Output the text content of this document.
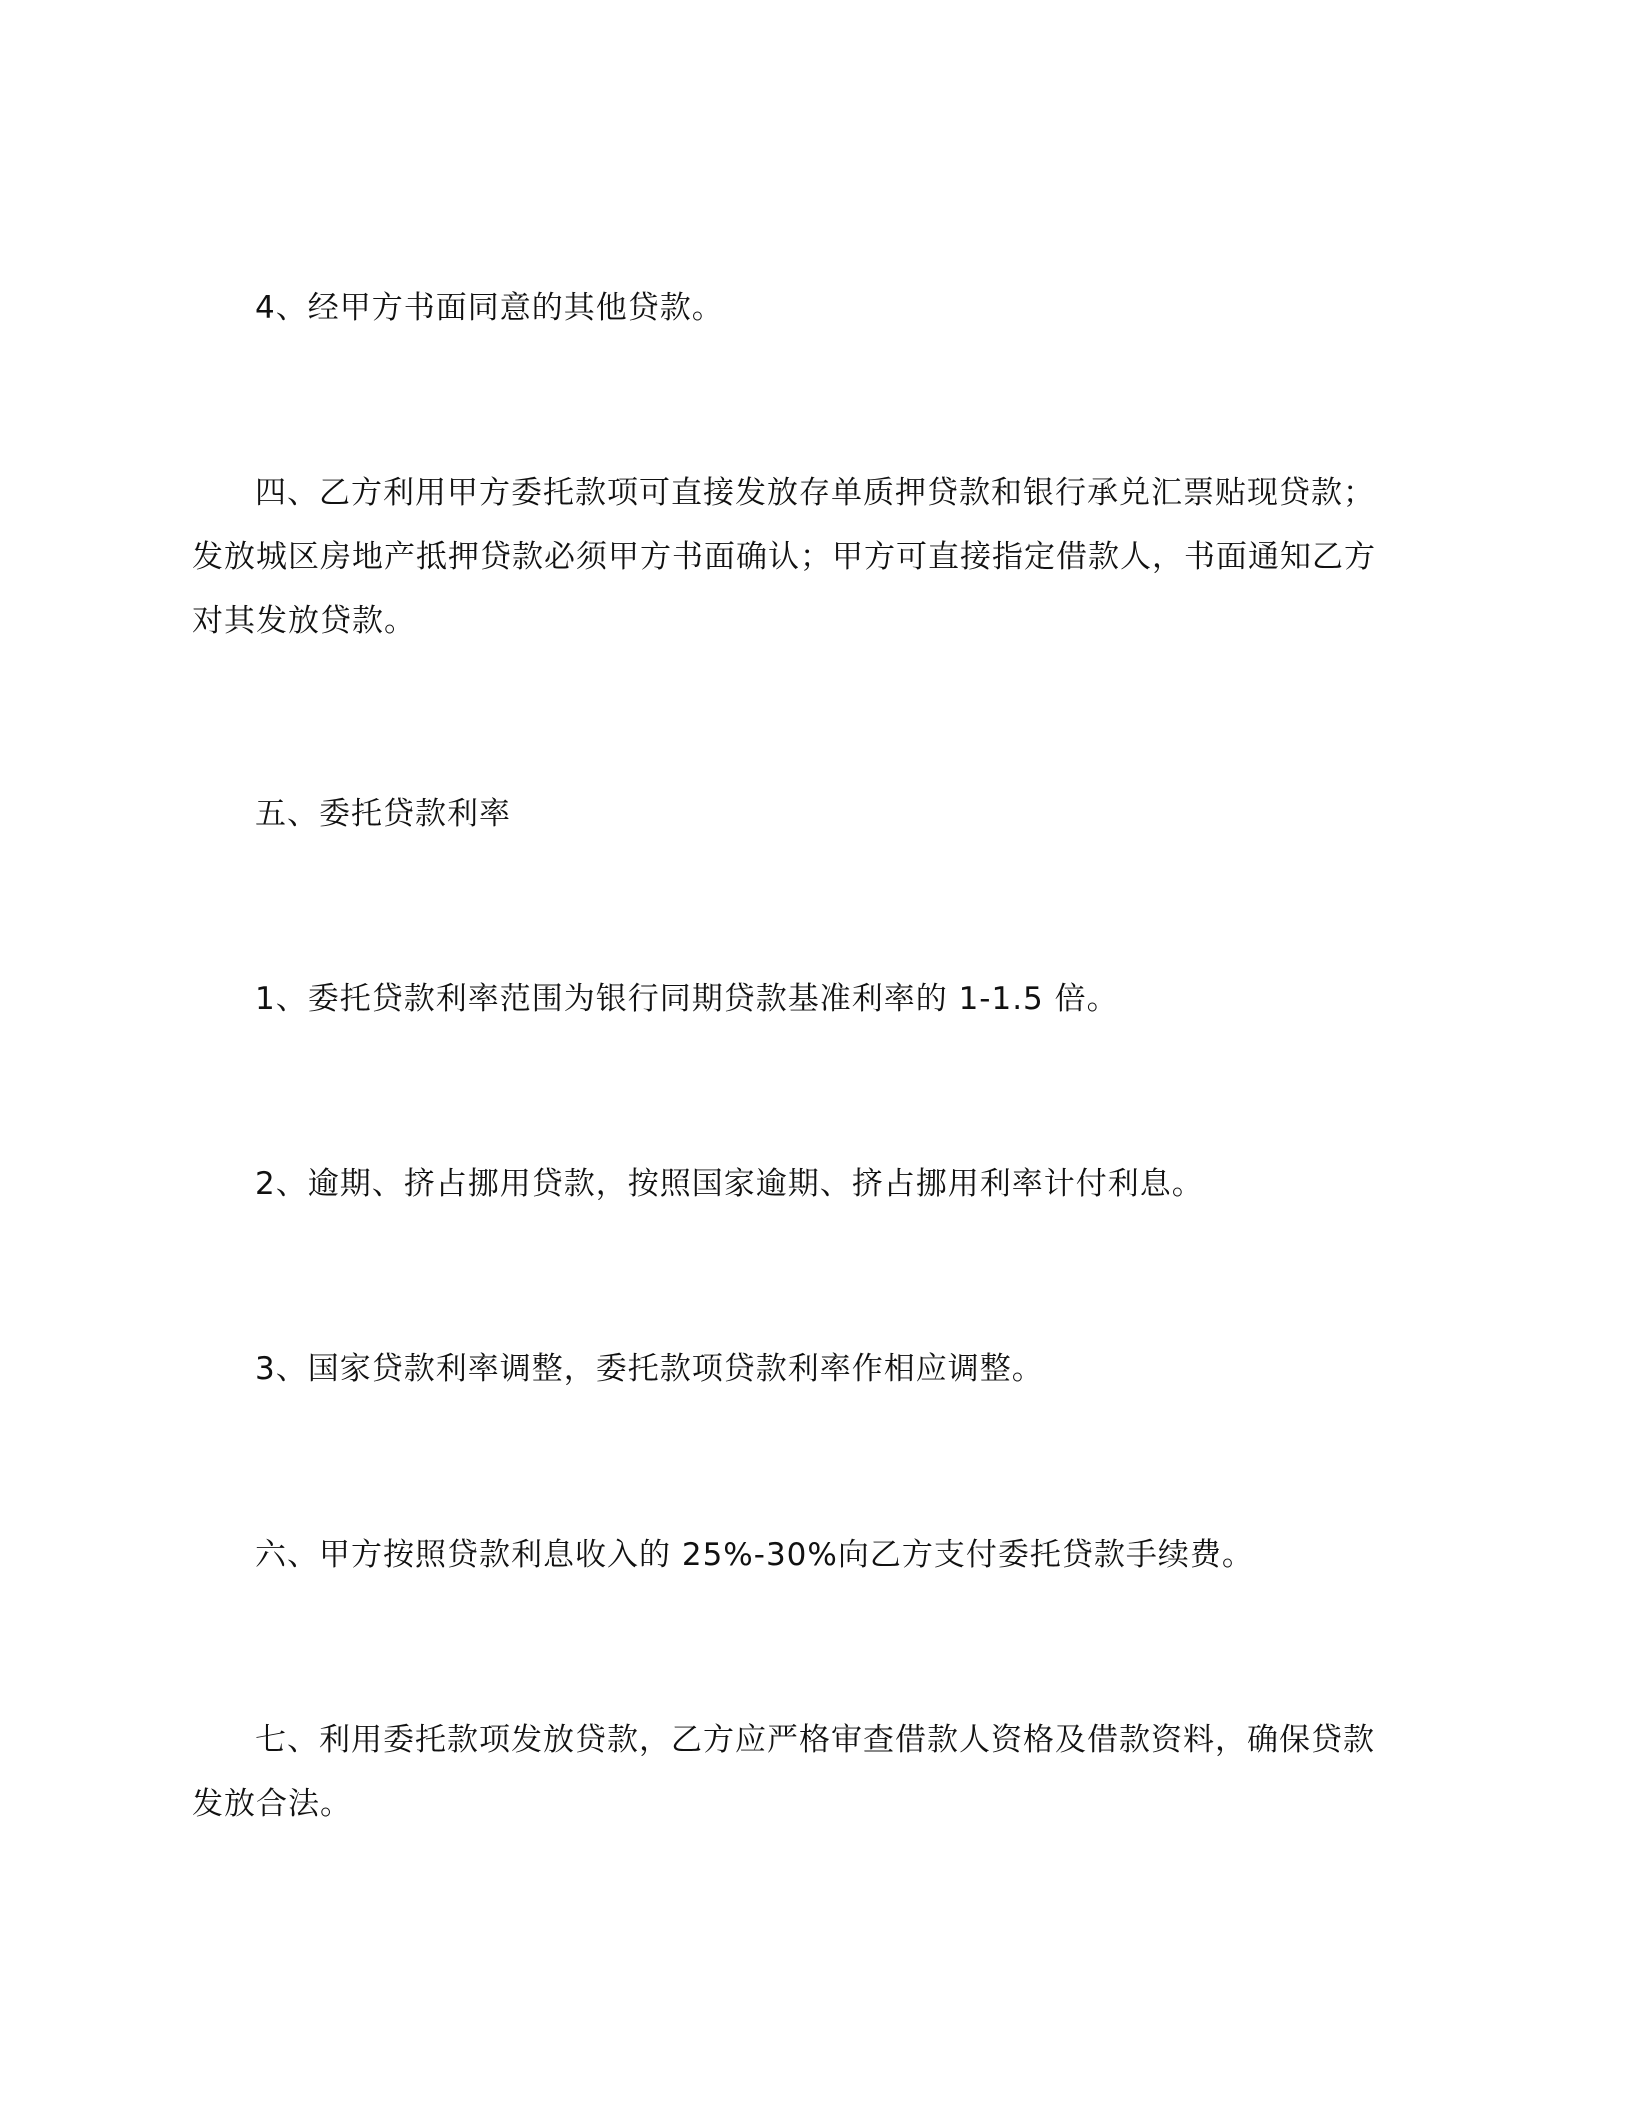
4、经甲方书面同意的其他贷款。

四、乙方利用甲方委托款项可直接发放存单质押贷款和银行承兑汇票贴现贷款；发放城区房地产抵押贷款必须甲方书面确认；甲方可直接指定借款人，书面通知乙方对其发放贷款。

五、委托贷款利率

1、委托贷款利率范围为银行同期贷款基准利率的 1-1.5 倍。

2、逾期、挤占挪用贷款，按照国家逾期、挤占挪用利率计付利息。

3、国家贷款利率调整，委托款项贷款利率作相应调整。

六、甲方按照贷款利息收入的 25%-30%向乙方支付委托贷款手续费。

七、利用委托款项发放贷款，乙方应严格审查借款人资格及借款资料，确保贷款发放合法。
